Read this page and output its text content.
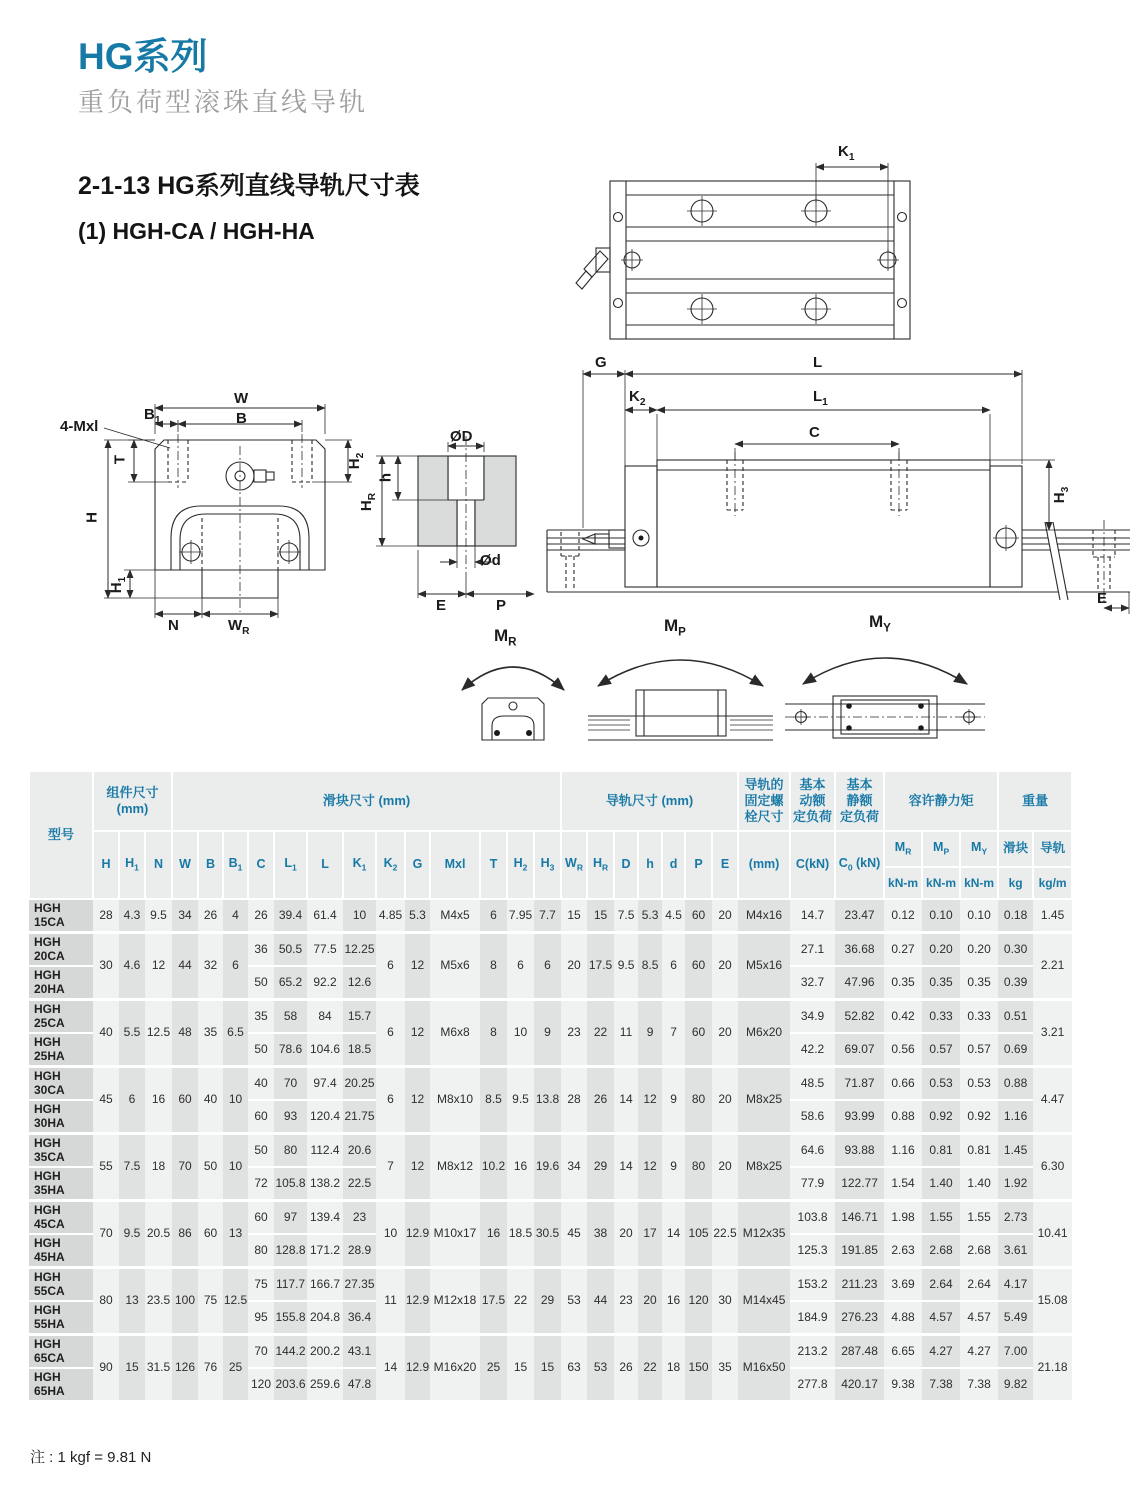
HG系列
重负荷型滚珠直线导轨
2-1-13 HG系列直线导轨尺寸表
(1) HGH-CA / HGH-HA
$K_1$
W
B
$B_1$
4-Mxl
T
H
$H_1$
$H_2$
N	$W_R$
ØD
$H_R$
h
Ød
E	P
G	L
$K_2$	$L_1$
C
$H_3$
E
$M_R$
$M_P$
$M_Y$
型号	组件尺寸
(mm)			滑块尺寸 (mm)													导轨尺寸 (mm)							导轨的
固定螺
栓尺寸	基本
动额
定负荷	基本
静额
定负荷	容许静力矩			重量	
	H	$H_1$	N	W	B	$B_1$	C	$L_1$	L	$K_1$	$K_2$	G	Mxl	T	$H_2$	$H_3$	$W_R$	$H_R$	D	h	d	P	E	(mm)	C(kN)	$C_0$ (kN)	$M_R$	$M_P$	$M_Y$	滑块	导轨
																											kN-m	kN-m	kN-m	kg	kg/m
HGH 15CA	28	4.3	9.5	34	26	4	26	39.4	61.4	10	4.85	5.3	M4x5	6	7.95	7.7	15	15	7.5	5.3	4.5	60	20	M4x16	14.7	23.47	0.12	0.10	0.10	0.18	1.45
HGH 20CA	30	4.6	12	44	32	6	36	50.5	77.5	12.25	6	12	M5x6	8	6	6	20	17.5	9.5	8.5	6	60	20	M5x16	27.1	36.68	0.27	0.20	0.20	0.30	2.21
HGH 20HA							50	65.2	92.2	12.6															32.7	47.96	0.35	0.35	0.35	0.39	
HGH 25CA	40	5.5	12.5	48	35	6.5	35	58	84	15.7	6	12	M6x8	8	10	9	23	22	11	9	7	60	20	M6x20	34.9	52.82	0.42	0.33	0.33	0.51	3.21
HGH 25HA							50	78.6	104.6	18.5															42.2	69.07	0.56	0.57	0.57	0.69	
HGH 30CA	45	6	16	60	40	10	40	70	97.4	20.25	6	12	M8x10	8.5	9.5	13.8	28	26	14	12	9	80	20	M8x25	48.5	71.87	0.66	0.53	0.53	0.88	4.47
HGH 30HA							60	93	120.4	21.75															58.6	93.99	0.88	0.92	0.92	1.16	
HGH 35CA	55	7.5	18	70	50	10	50	80	112.4	20.6	7	12	M8x12	10.2	16	19.6	34	29	14	12	9	80	20	M8x25	64.6	93.88	1.16	0.81	0.81	1.45	6.30
HGH 35HA							72	105.8	138.2	22.5															77.9	122.77	1.54	1.40	1.40	1.92	
HGH 45CA	70	9.5	20.5	86	60	13	60	97	139.4	23	10	12.9	M10x17	16	18.5	30.5	45	38	20	17	14	105	22.5	M12x35	103.8	146.71	1.98	1.55	1.55	2.73	10.41
HGH 45HA							80	128.8	171.2	28.9															125.3	191.85	2.63	2.68	2.68	3.61	
HGH 55CA	80	13	23.5	100	75	12.5	75	117.7	166.7	27.35	11	12.9	M12x18	17.5	22	29	53	44	23	20	16	120	30	M14x45	153.2	211.23	3.69	2.64	2.64	4.17	15.08
HGH 55HA							95	155.8	204.8	36.4															184.9	276.23	4.88	4.57	4.57	5.49	
HGH 65CA	90	15	31.5	126	76	25	70	144.2	200.2	43.1	14	12.9	M16x20	25	15	15	63	53	26	22	18	150	35	M16x50	213.2	287.48	6.65	4.27	4.27	7.00	21.18
HGH 65HA							120	203.6	259.6	47.8															277.8	420.17	9.38	7.38	7.38	9.82	
注 : 1 kgf = 9.81 N
